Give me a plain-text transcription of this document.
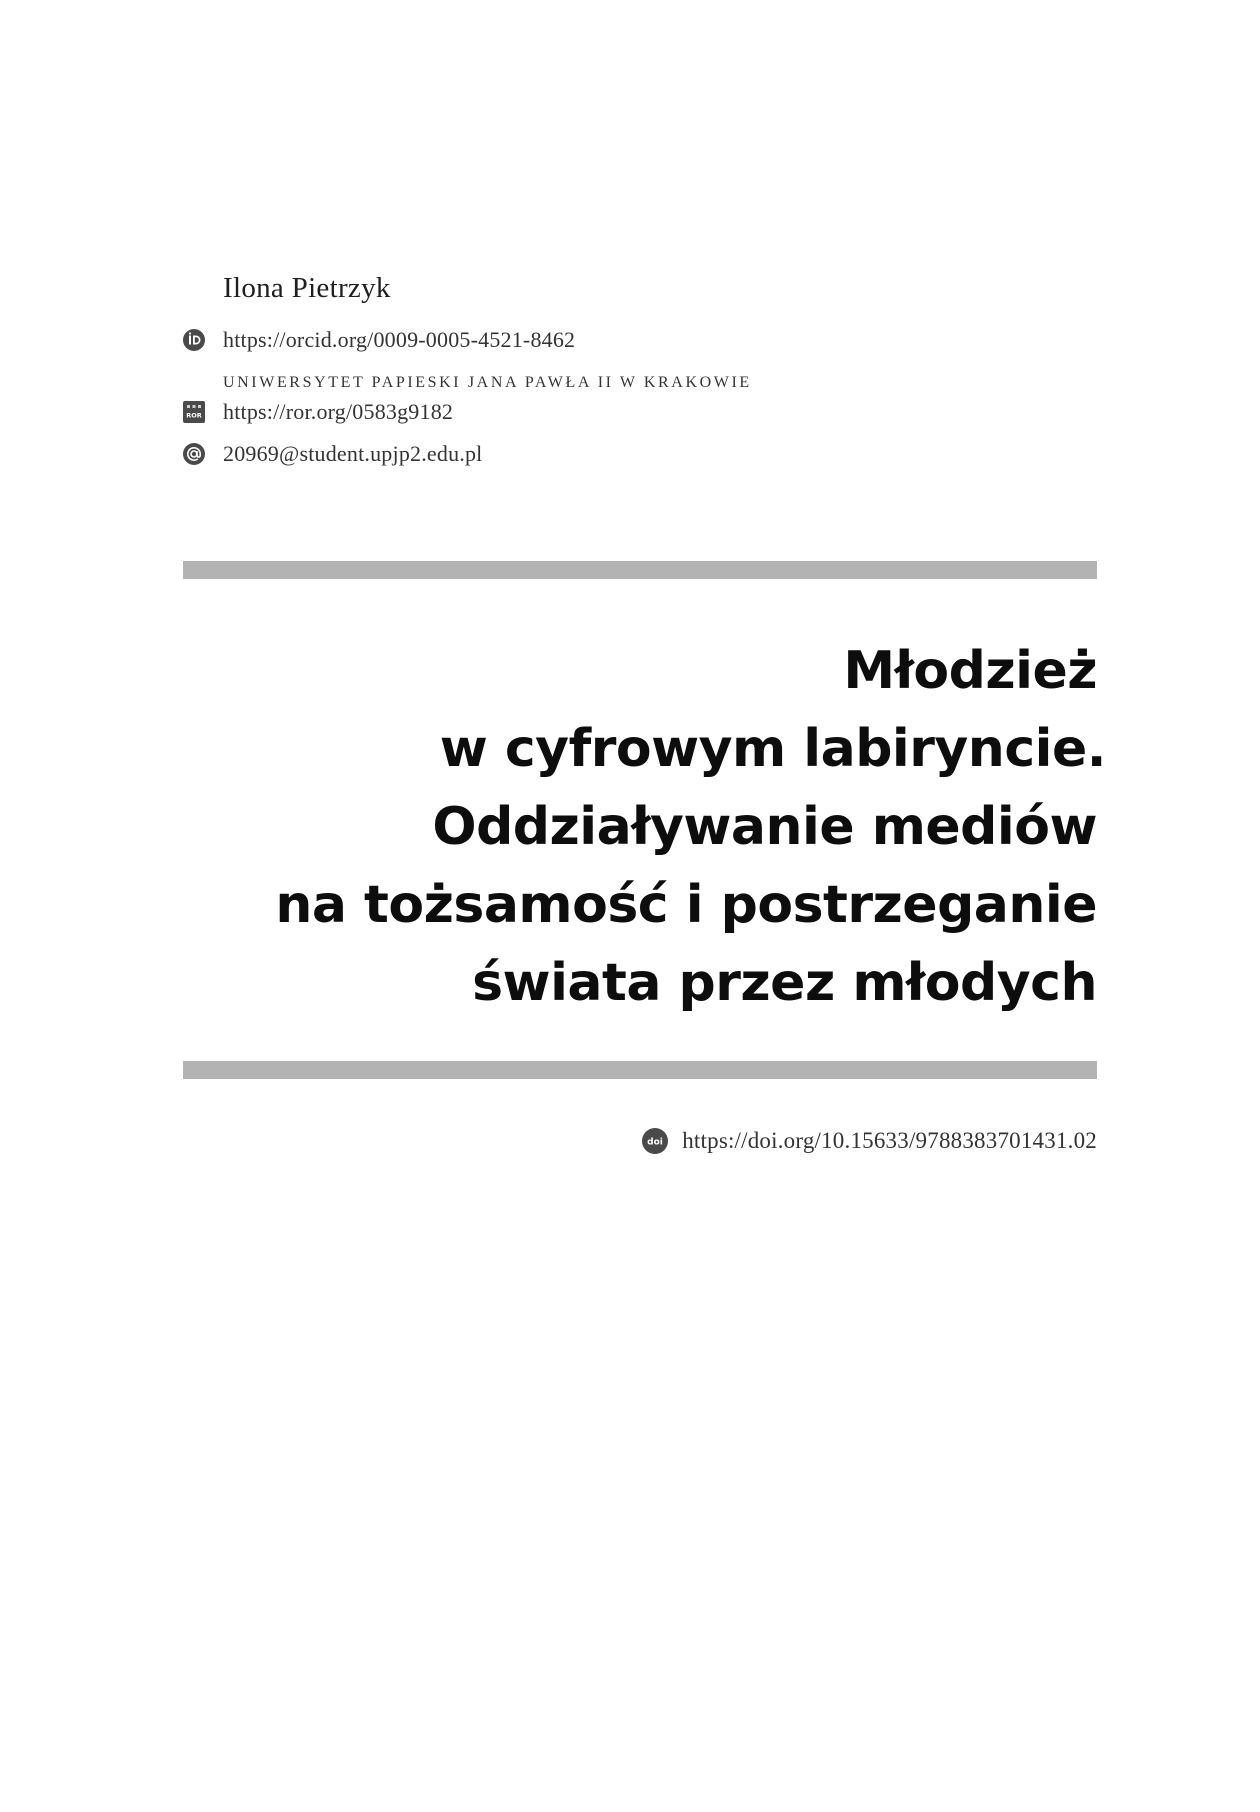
Ilona Pietrzyk
https://orcid.org/0009-0005-4521-8462
UNIWERSYTET PAPIESKI JANA PAWŁA II W KRAKOWIE
ROR https://ror.org/0583g9182
20969@student.upjp2.edu.pl
Młodzież
w cyfrowym labiryncie.
Oddziaływanie mediów
na tożsamość i postrzeganie
świata przez młodych
doi https://doi.org/10.15633/9788383701431.02
